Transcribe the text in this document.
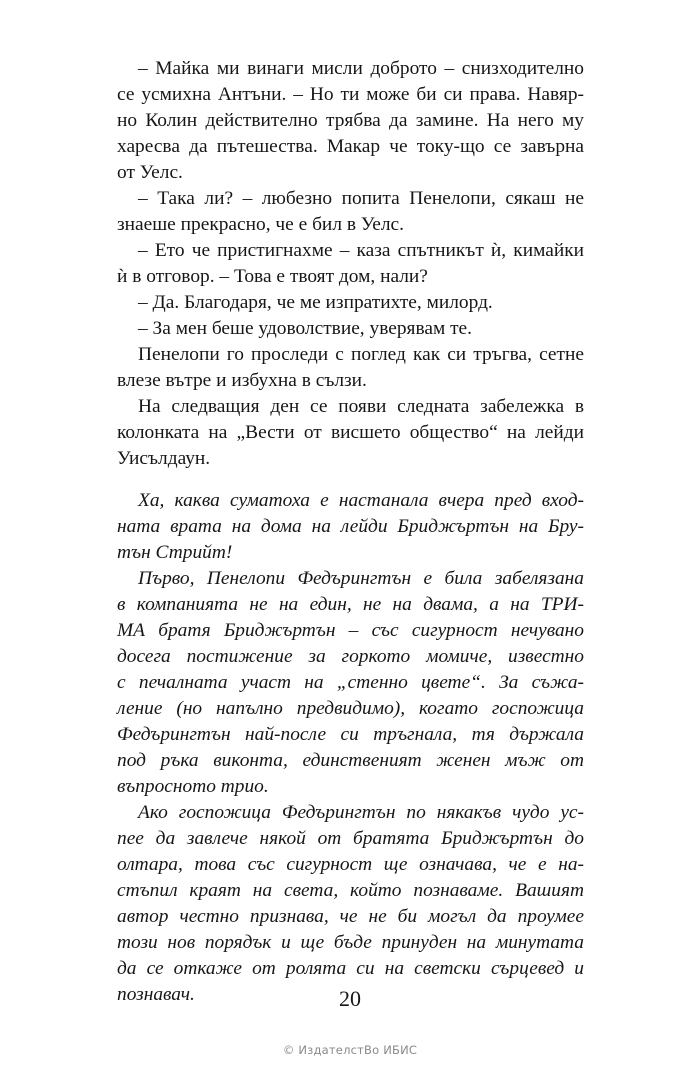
– Майка ми винаги мисли доброто – снизходително
се усмихна Антъни. – Но ти може би си права. Навяр-
но Колин действително трябва да замине. На него му
харесва да пътешества. Макар че току-що се завърна
от Уелс.
– Така ли? – любезно попита Пенелопи, сякаш не
знаеше прекрасно, че е бил в Уелс.
– Ето че пристигнахме – каза спътникът ѝ, кимайки
ѝ в отговор. – Това е твоят дом, нали?
– Да. Благодаря, че ме изпратихте, милорд.
– За мен беше удоволствие, уверявам те.
Пенелопи го проследи с поглед как си тръгва, сетне
влезе вътре и избухна в сълзи.
На следващия ден се появи следната забележка в
колонката на „Вести от висшето общество“ на лейди
Уисълдаун.
Ха, каква суматоха е настанала вчера пред вход-
ната врата на дома на лейди Бриджъртън на Бру-
тън Стрийт!
Първо, Пенелопи Федърингтън е била забелязана
в компанията не на един, не на двама, а на ТРИ-
МА братя Бриджъртън – със сигурност нечувано
досега постижение за горкото момиче, известно
с печалната участ на „стенно цвете“. За съжа-
ление (но напълно предвидимо), когато госпожица
Федърингтън най-после си тръгнала, тя държала
под ръка виконта, единственият женен мъж от
въпросното трио.
Ако госпожица Федърингтън по някакъв чудо ус-
пее да завлече някой от братята Бриджъртън до
олтара, това със сигурност ще означава, че е на-
стъпил краят на света, който познаваме. Вашият
автор честно признава, че не би могъл да проумее
този нов порядък и ще бъде принуден на минутата
да се откаже от ролята си на светски сърцевед и
познавач.	20
© ИздателстВо ИБИС
